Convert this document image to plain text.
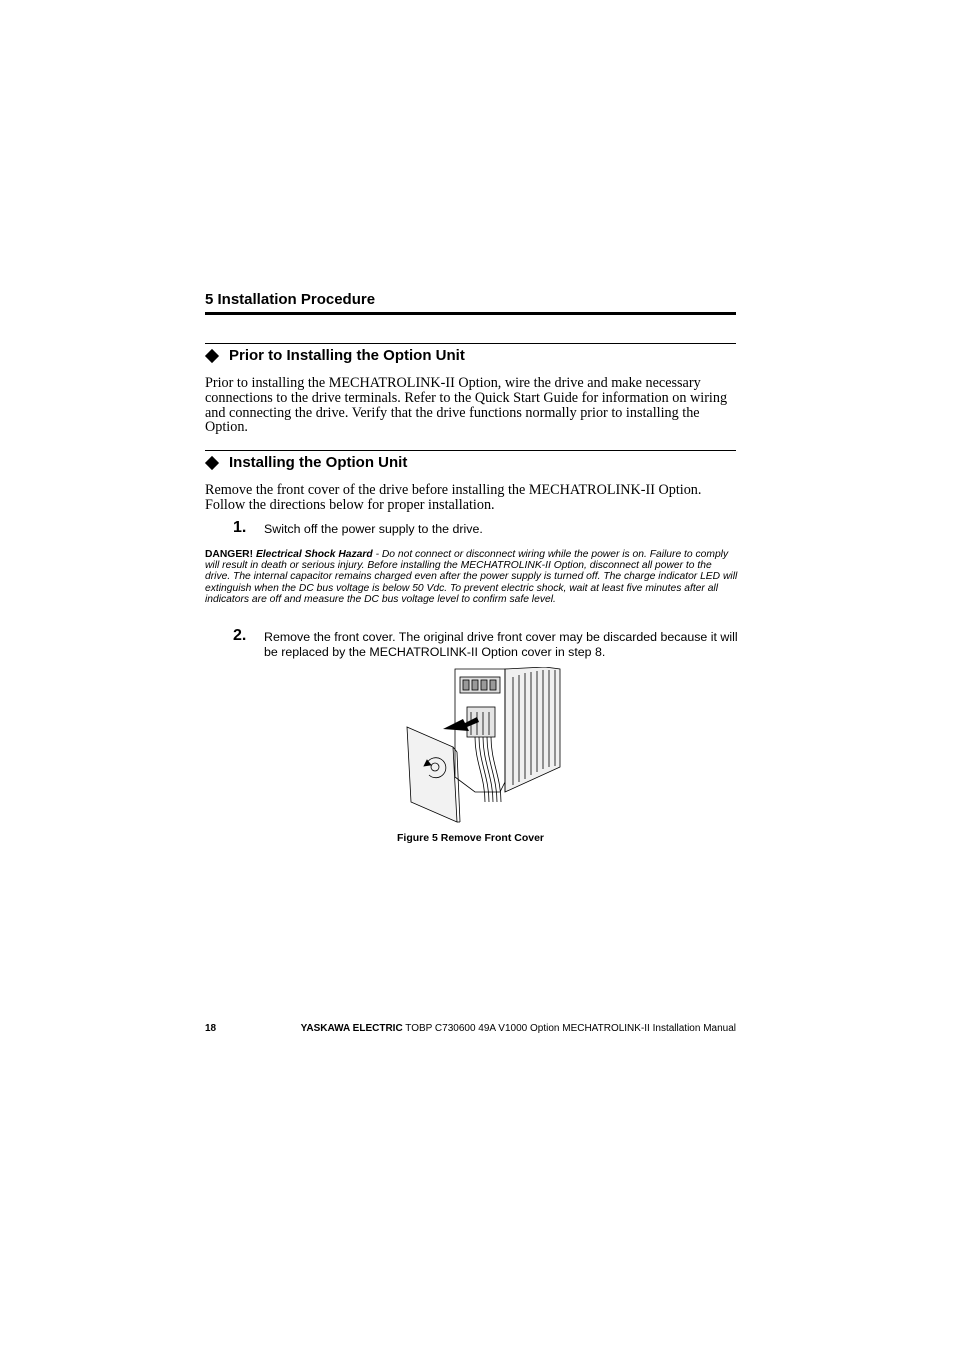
5 Installation Procedure
Prior to Installing the Option Unit
Prior to installing the MECHATROLINK-II Option, wire the drive and make necessary connections to the drive terminals. Refer to the Quick Start Guide for information on wiring and connecting the drive. Verify that the drive functions normally prior to installing the Option.
Installing the Option Unit
Remove the front cover of the drive before installing the MECHATROLINK-II Option. Follow the directions below for proper installation.
1. Switch off the power supply to the drive.
DANGER! Electrical Shock Hazard - Do not connect or disconnect wiring while the power is on. Failure to comply will result in death or serious injury. Before installing the MECHATROLINK-II Option, disconnect all power to the drive. The internal capacitor remains charged even after the power supply is turned off. The charge indicator LED will extinguish when the DC bus voltage is below 50 Vdc. To prevent electric shock, wait at least five minutes after all indicators are off and measure the DC bus voltage level to confirm safe level.
2. Remove the front cover. The original drive front cover may be discarded because it will be replaced by the MECHATROLINK-II Option cover in step 8.
Figure 5 Remove Front Cover
18	YASKAWA ELECTRIC TOBP C730600 49A V1000 Option MECHATROLINK-II Installation Manual
